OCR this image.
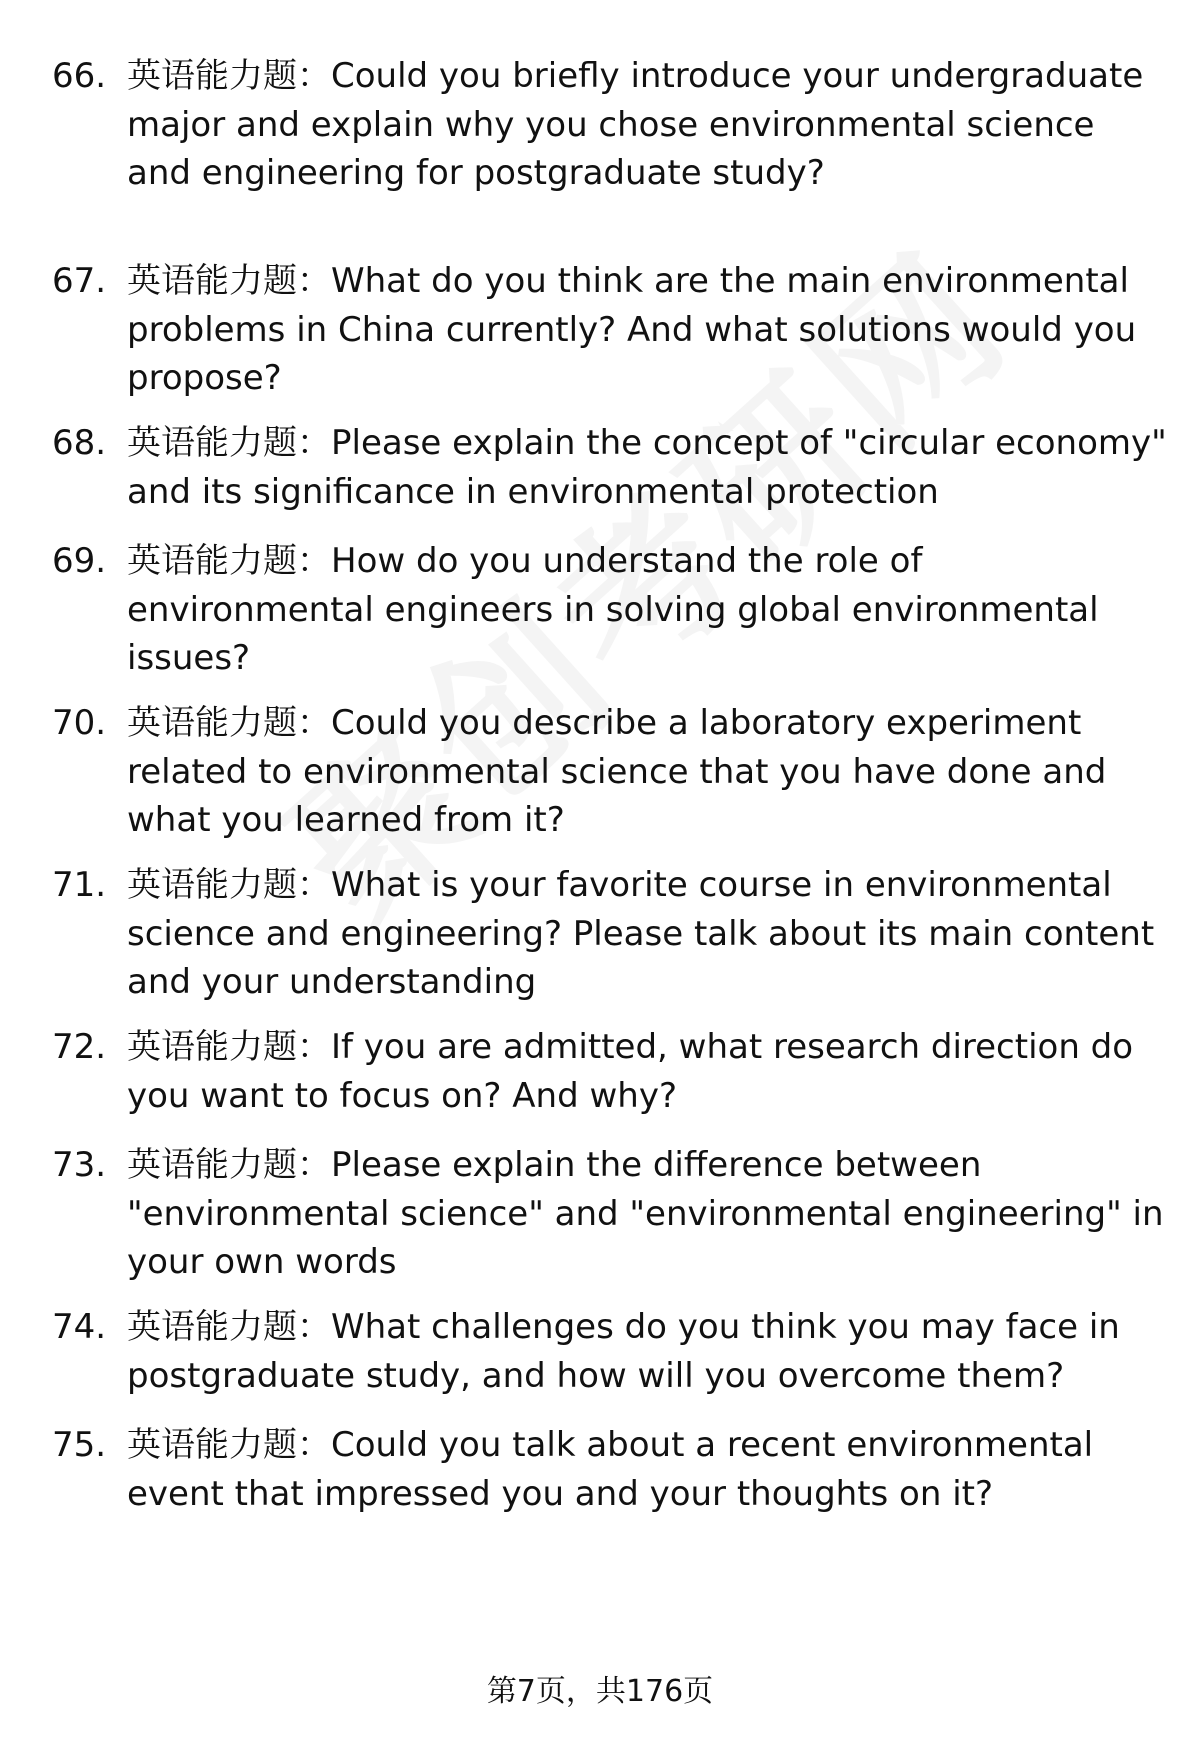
66. 英语能力题：Could you briefly introduce your undergraduate major and explain why you chose environmental science and engineering for postgraduate study?
67. 英语能力题：What do you think are the main environmental problems in China currently? And what solutions would you propose?
68. 英语能力题：Please explain the concept of "circular economy" and its significance in environmental protection
69. 英语能力题：How do you understand the role of environmental engineers in solving global environmental issues?
70. 英语能力题：Could you describe a laboratory experiment related to environmental science that you have done and what you learned from it?
71. 英语能力题：What is your favorite course in environmental science and engineering? Please talk about its main content and your understanding
72. 英语能力题：If you are admitted, what research direction do you want to focus on? And why?
73. 英语能力题：Please explain the difference between "environmental science" and "environmental engineering" in your own words
74. 英语能力题：What challenges do you think you may face in postgraduate study, and how will you overcome them?
75. 英语能力题：Could you talk about a recent environmental event that impressed you and your thoughts on it?
第7页，共176页
